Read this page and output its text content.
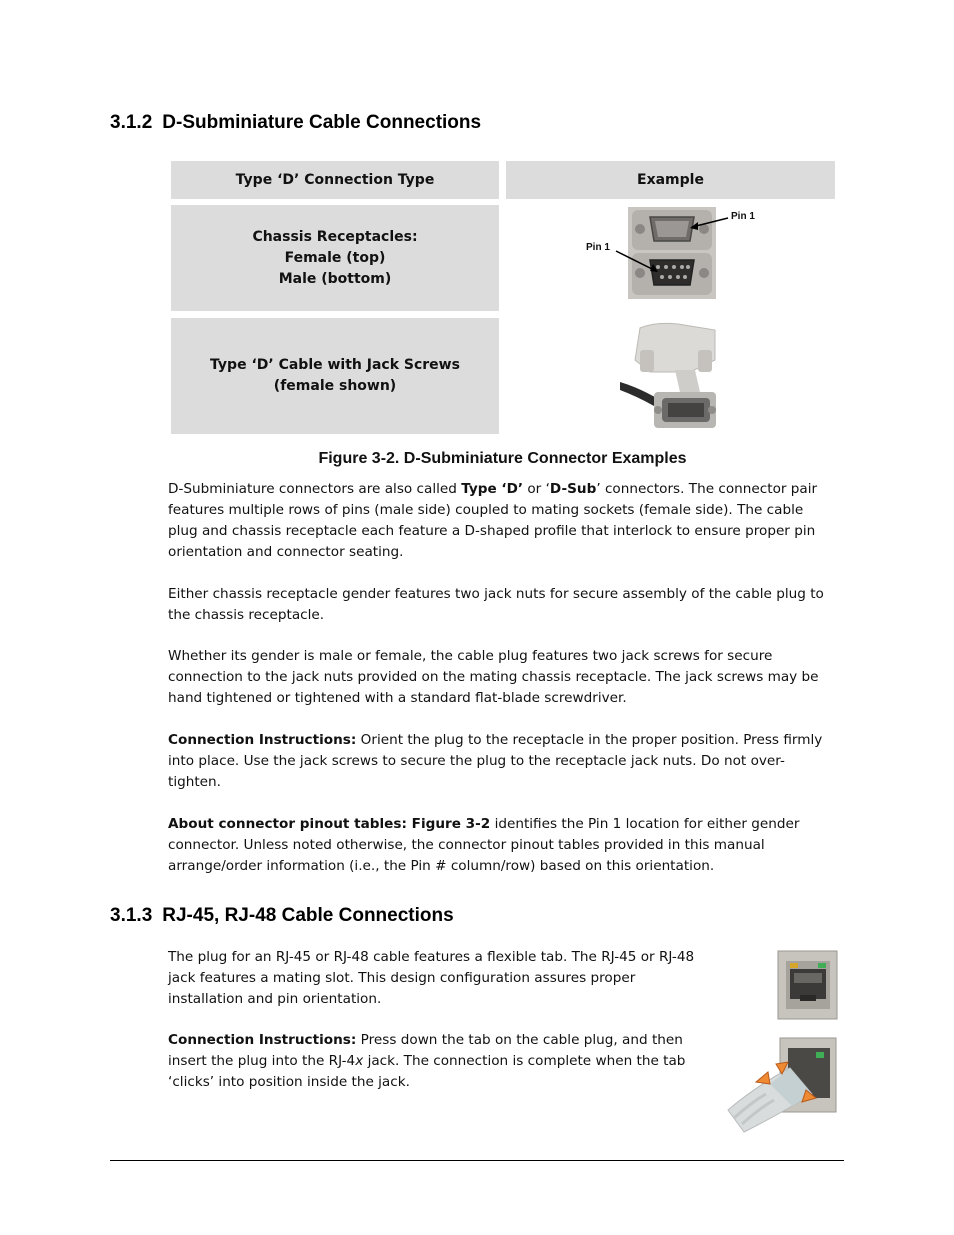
3.1.2 D-Subminiature Cable Connections
Type ‘D’ Connection Type	Example
Chassis Receptacles:
Female (top)
Male (bottom)
Type ‘D’ Cable with Jack Screws
(female shown)
Pin 1
Pin 1

Figure 3-2. D-Subminiature Connector Examples

D-Subminiature connectors are also called Type ‘D’ or ‘D-Sub’ connectors. The connector pair features multiple rows of pins (male side) coupled to mating sockets (female side). The cable plug and chassis receptacle each feature a D-shaped profile that interlock to ensure proper pin orientation and connector seating.

Either chassis receptacle gender features two jack nuts for secure assembly of the cable plug to the chassis receptacle.

Whether its gender is male or female, the cable plug features two jack screws for secure connection to the jack nuts provided on the mating chassis receptacle. The jack screws may be hand tightened or tightened with a standard flat-blade screwdriver.

Connection Instructions: Orient the plug to the receptacle in the proper position. Press firmly into place. Use the jack screws to secure the plug to the receptacle jack nuts. Do not over-tighten.

About connector pinout tables: Figure 3-2 identifies the Pin 1 location for either gender connector. Unless noted otherwise, the connector pinout tables provided in this manual arrange/order information (i.e., the Pin # column/row) based on this orientation.

3.1.3 RJ-45, RJ-48 Cable Connections

The plug for an RJ-45 or RJ-48 cable features a flexible tab. The RJ-45 or RJ-48 jack features a mating slot. This design configuration assures proper installation and pin orientation.

Connection Instructions: Press down the tab on the cable plug, and then insert the plug into the RJ-4x jack. The connection is complete when the tab ‘clicks’ into position inside the jack.
